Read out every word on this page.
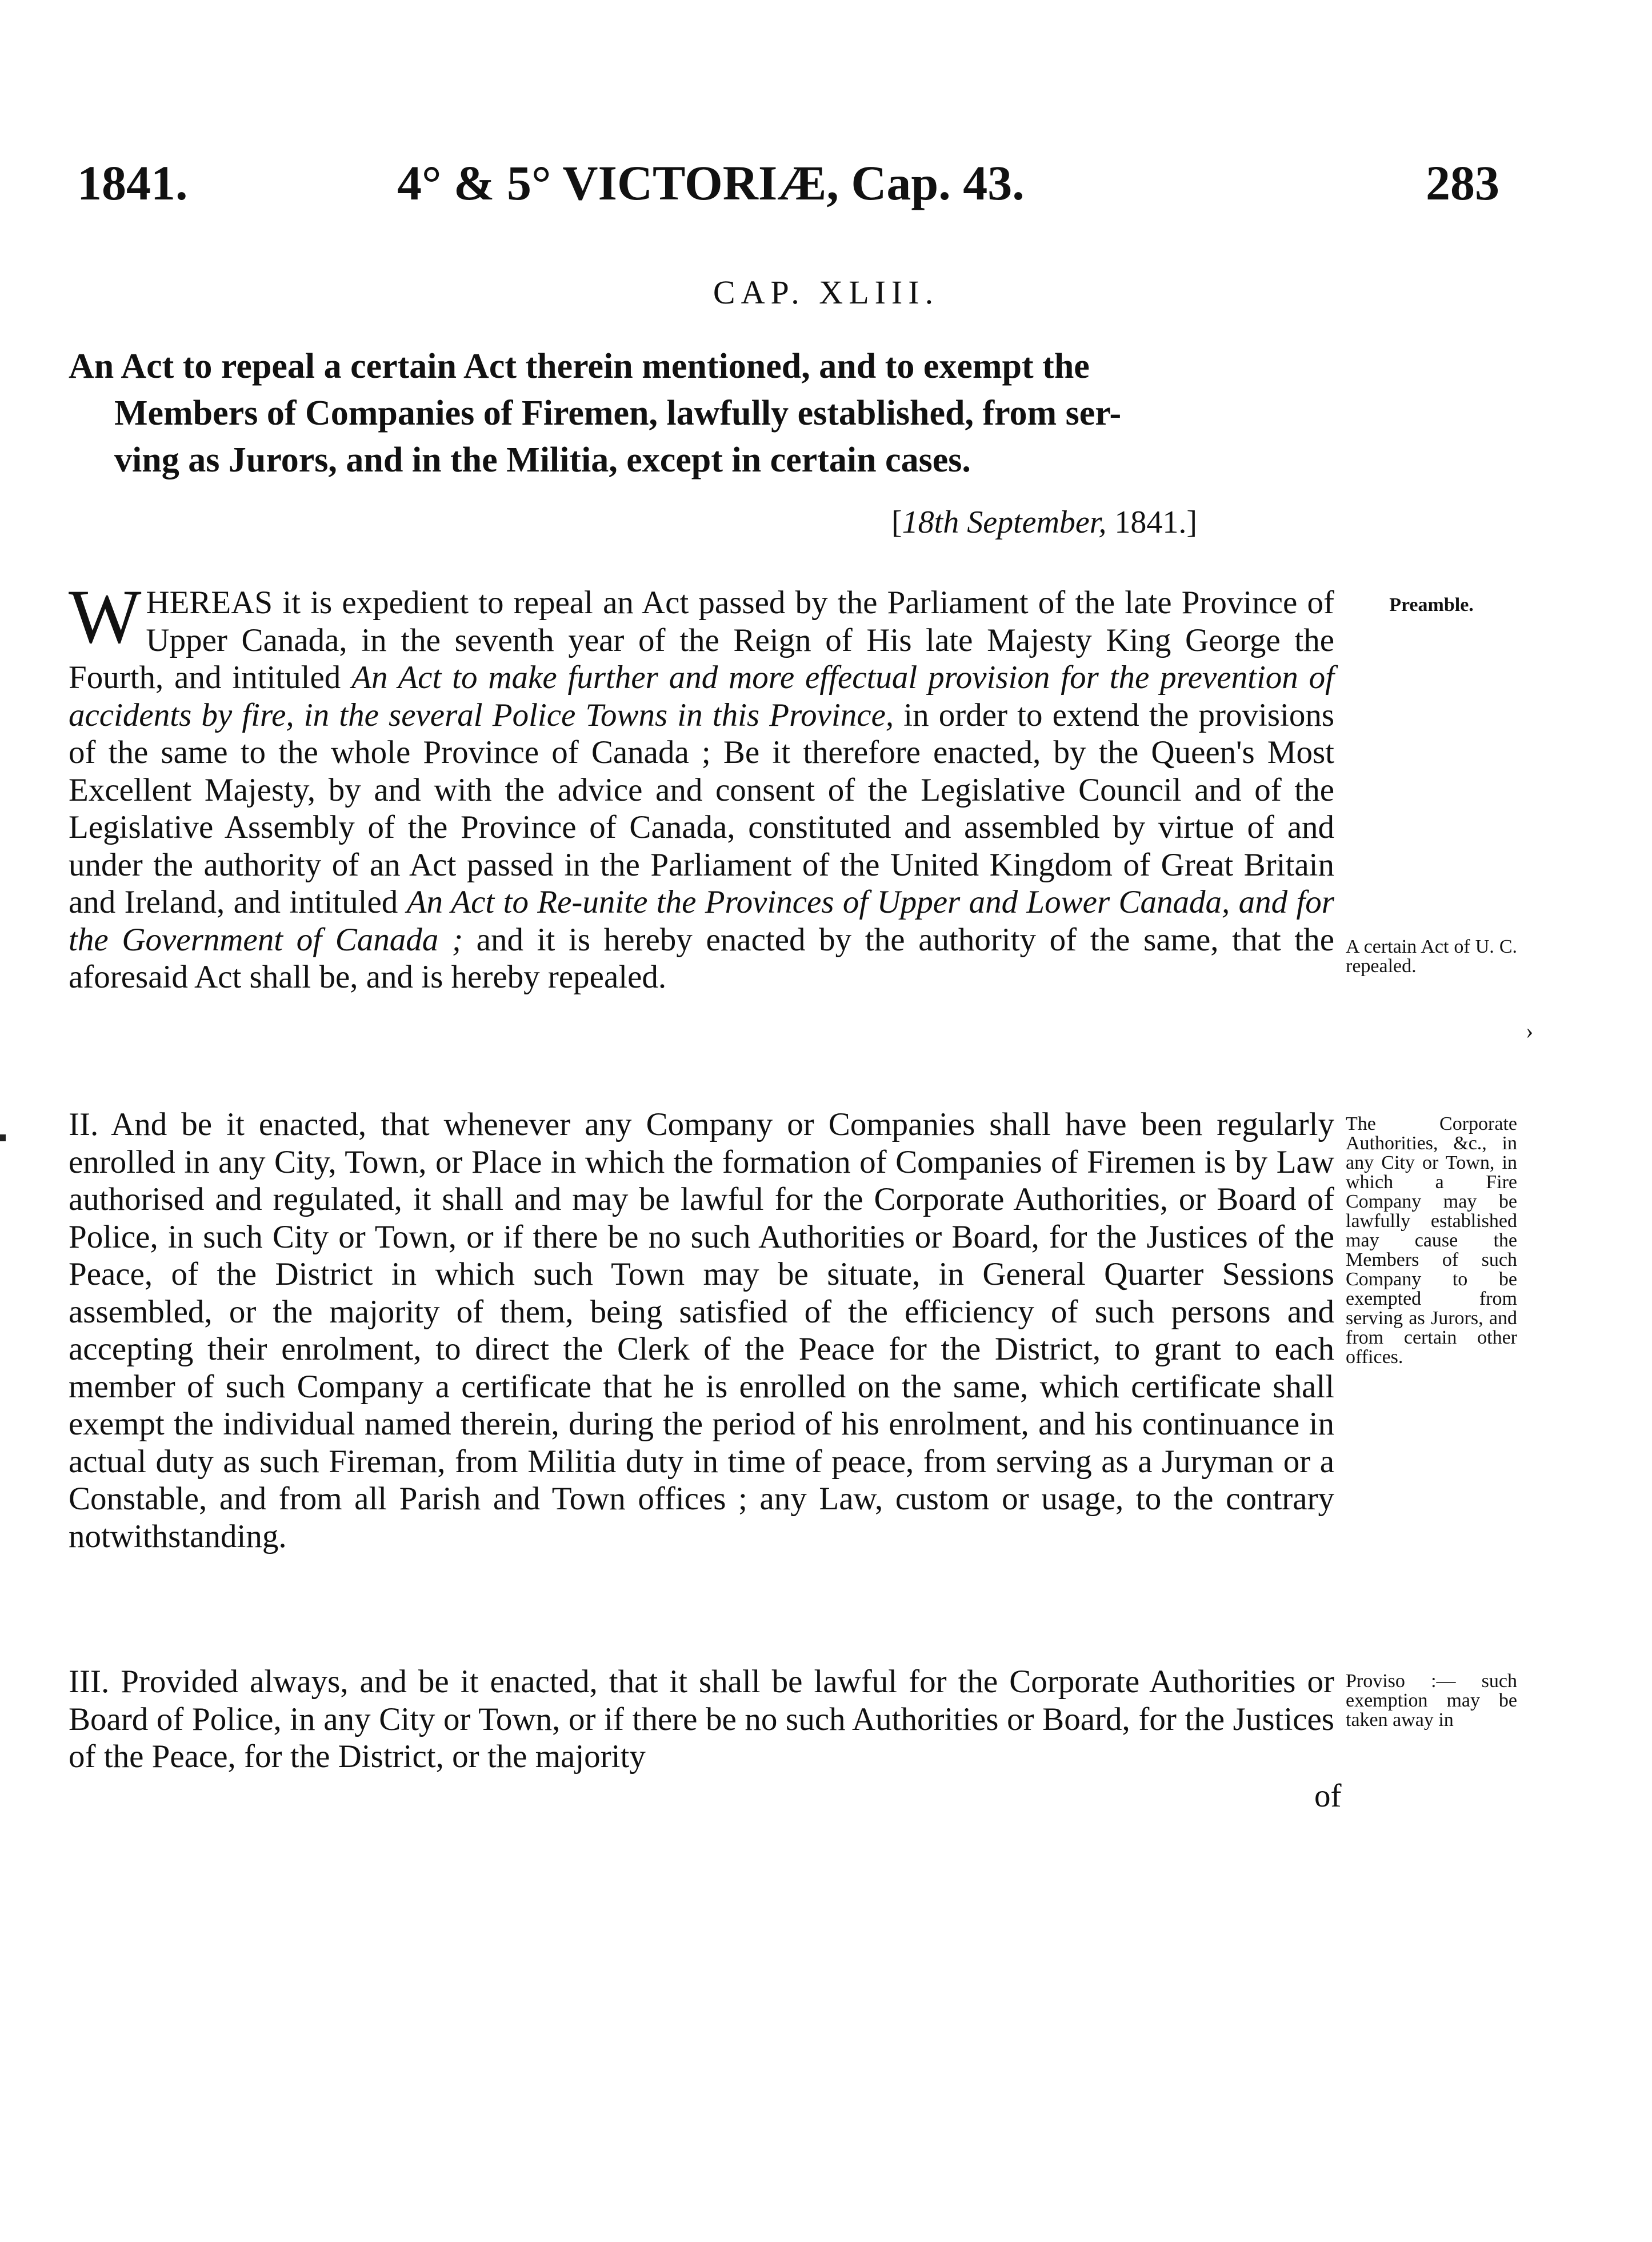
1841.	4° & 5° VICTORIÆ, Cap. 43.	283
CAP. XLIII.
An Act to repeal a certain Act therein mentioned, and to exempt the
Members of Companies of Firemen, lawfully established, from ser-
ving as Jurors, and in the Militia, except in certain cases.
[18th September, 1841.]
WHEREAS it is expedient to repeal an Act passed by the Parliament of the late Province of Upper Canada, in the seventh year of the Reign of His late Majesty King George the Fourth, and intituled An Act to make further and more effectual provision for the prevention of accidents by fire, in the several Police Towns in this Province, in order to extend the provisions of the same to the whole Province of Canada ; Be it therefore enacted, by the Queen's Most Excellent Majesty, by and with the advice and consent of the Legislative Council and of the Legislative Assembly of the Province of Canada, constituted and assembled by virtue of and under the authority of an Act passed in the Parliament of the United Kingdom of Great Britain and Ireland, and intituled An Act to Re-unite the Provinces of Upper and Lower Canada, and for the Government of Canada ; and it is hereby enacted by the authority of the same, that the aforesaid Act shall be, and is hereby repealed.
II. And be it enacted, that whenever any Company or Companies shall have been regularly enrolled in any City, Town, or Place in which the formation of Companies of Firemen is by Law authorised and regulated, it shall and may be lawful for the Corporate Authorities, or Board of Police, in such City or Town, or if there be no such Authorities or Board, for the Justices of the Peace, of the District in which such Town may be situate, in General Quarter Sessions assembled, or the majority of them, being satisfied of the efficiency of such persons and accepting their enrolment, to direct the Clerk of the Peace for the District, to grant to each member of such Company a certificate that he is enrolled on the same, which certificate shall exempt the individual named therein, during the period of his enrolment, and his continuance in actual duty as such Fireman, from Militia duty in time of peace, from serving as a Juryman or a Constable, and from all Parish and Town offices ; any Law, custom or usage, to the contrary notwithstanding.
III. Provided always, and be it enacted, that it shall be lawful for the Corporate Authorities or Board of Police, in any City or Town, or if there be no such Authorities or Board, for the Justices of the Peace, for the District, or the majority
of
Preamble.
A certain Act of U. C. repealed.
The Corporate Authorities, &c., in any City or Town, in which a Fire Company may be lawfully established may cause the Members of such Company to be exempted from serving as Jurors, and from certain other offices.
Proviso :— such exemption may be taken away in
›
